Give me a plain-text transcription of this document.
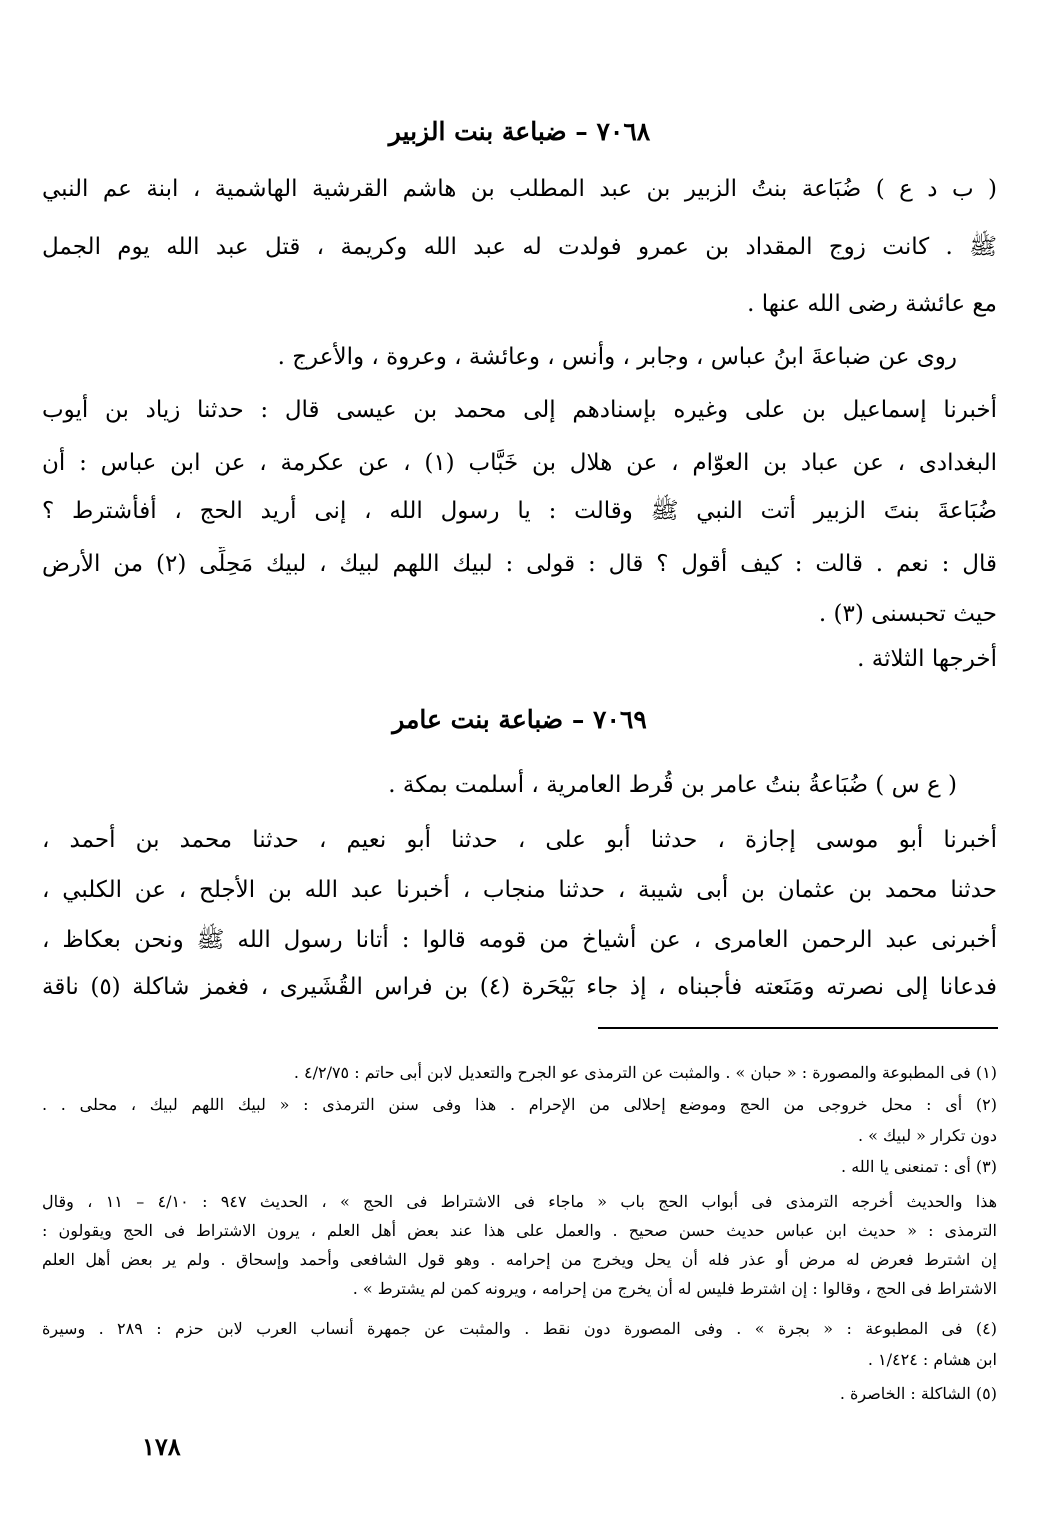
٧٠٦٨ – ضباعة بنت الزبير
( ب د ع ) ضُبَاعة بنتُ الزبير بن عبد المطلب بن هاشم القرشية الهاشمية ، ابنة عم النبي
ﷺ . كانت زوج المقداد بن عمرو فولدت له عبد الله وكريمة ، قتل عبد الله يوم الجمل
مع عائشة رضى الله عنها .
روى عن ضباعةَ ابنُ عباس ، وجابر ، وأنس ، وعائشة ، وعروة ، والأعرج .
أخبرنا إسماعيل بن على وغيره بإسنادهم إلى محمد بن عيسى قال : حدثنا زياد بن أيوب
البغدادى ، عن عباد بن العوّام ، عن هلال بن خَبَّاب (١) ، عن عكرمة ، عن ابن عباس : أن
ضُبَاعةَ بنتَ الزبير أتت النبي ﷺ وقالت : يا رسول الله ، إنى أريد الحج ، أفأشترط ؟
قال : نعم . قالت : كيف أقول ؟ قال : قولى : لبيك اللهم لبيك ، لبيك مَحِلِّى (٢) من الأرض
حيث تحبسنى (٣) .
أخرجها الثلاثة .
٧٠٦٩ – ضباعة بنت عامر
( ع س ) ضُبَاعةُ بنتُ عامر بن قُرط العامرية ، أسلمت بمكة .
أخبرنا أبو موسى إجازة ، حدثنا أبو على ، حدثنا أبو نعيم ، حدثنا محمد بن أحمد ،
حدثنا محمد بن عثمان بن أبى شيبة ، حدثنا منجاب ، أخبرنا عبد الله بن الأجلح ، عن الكلبي ،
أخبرنى عبد الرحمن العامرى ، عن أشياخ من قومه قالوا : أتانا رسول الله ﷺ ونحن بعكاظ ،
فدعانا إلى نصرته ومَنَعته فأجبناه ، إذ جاء بَيْحَرة (٤) بن فراس القُشَيرى ، فغمز شاكلة (٥) ناقة
(١) فى المطبوعة والمصورة : « حبان » . والمثبت عن الترمذى عو الجرح والتعديل لابن أبى حاتم : ٤/٢/٧٥ .
(٢) أى : محل خروجى من الحج وموضع إحلالى من الإحرام . هذا وفى سنن الترمذى : « لبيك اللهم لبيك ، محلى . .
دون تكرار « لبيك » .
(٣) أى : تمنعنى يا الله .
هذا والحديث أخرجه الترمذى فى أبواب الحج باب « ماجاء فى الاشتراط فى الحج » ، الحديث ٩٤٧ : ٤/١٠ – ١١ ، وقال
الترمذى : « حديث ابن عباس حديث حسن صحيح . والعمل على هذا عند بعض أهل العلم ، يرون الاشتراط فى الحج ويقولون :
إن اشترط فعرض له مرض أو عذر فله أن يحل ويخرج من إحرامه . وهو قول الشافعى وأحمد وإسحاق . ولم ير بعض أهل العلم
الاشتراط فى الحج ، وقالوا : إن اشترط فليس له أن يخرج من إحرامه ، ويرونه كمن لم يشترط » .
(٤) فى المطبوعة : « بجرة » . وفى المصورة دون نقط . والمثبت عن جمهرة أنساب العرب لابن حزم : ٢٨٩ . وسيرة
ابن هشام : ١/٤٢٤ .
(٥) الشاكلة : الخاصرة .
١٧٨
